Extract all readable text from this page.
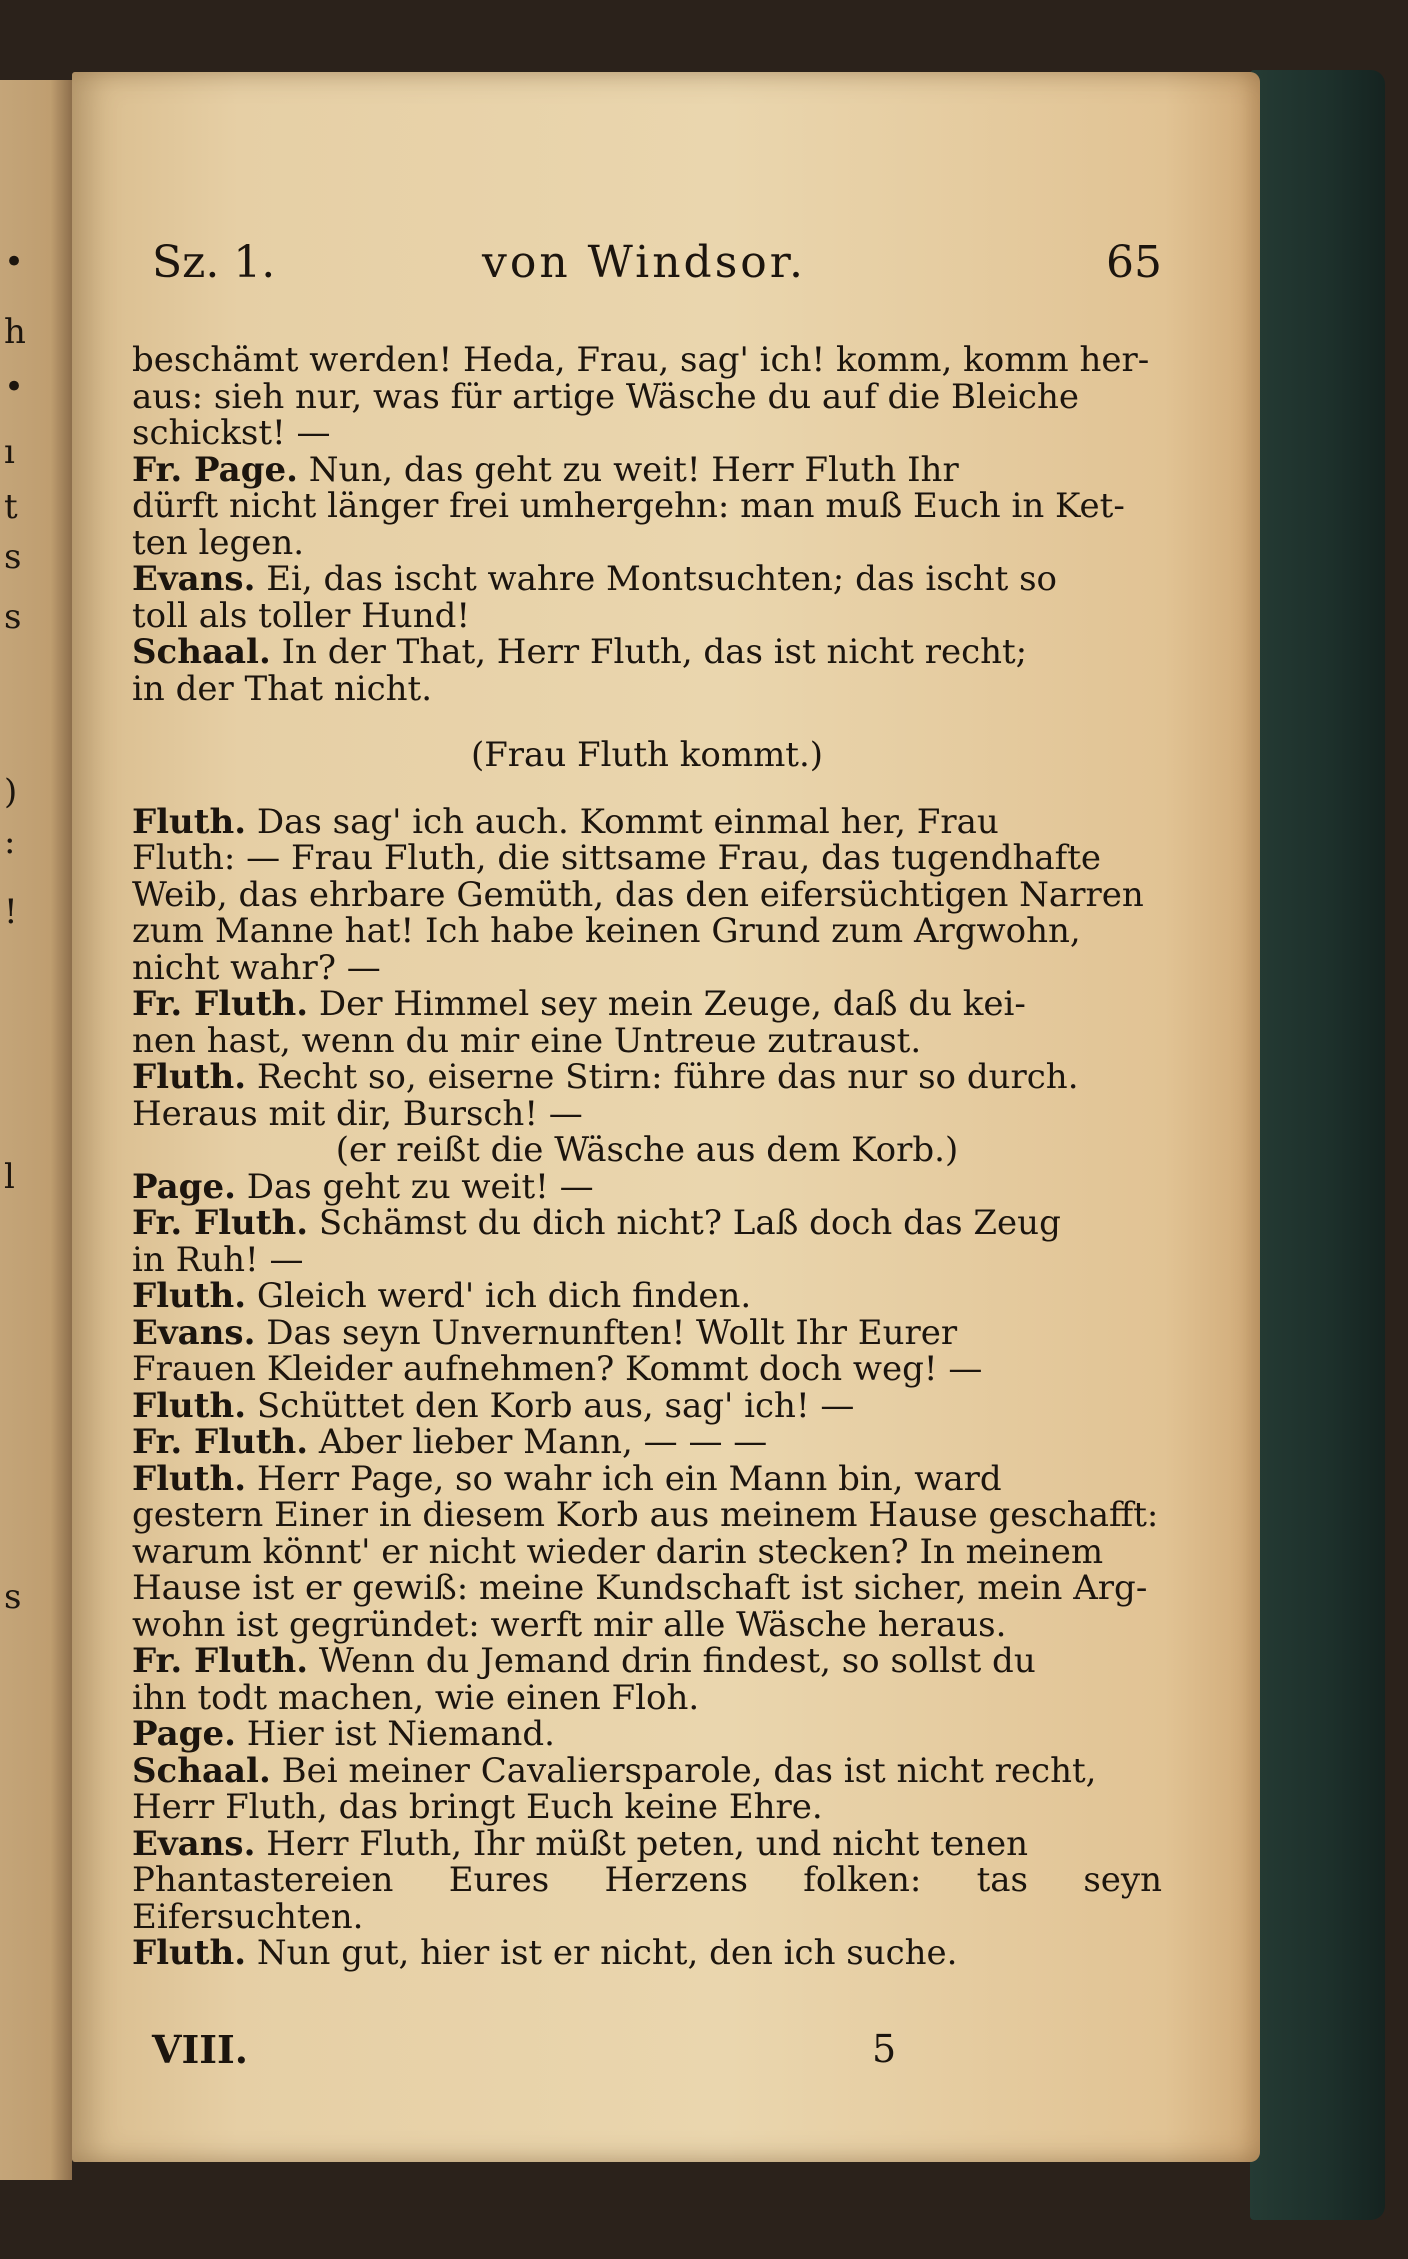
•
h
•
ı
t
s
s
)
:
!
l
s
Sz. 1.	von Windsor.	65

beschämt werden! Heda, Frau, sag' ich! komm, komm her-

aus: sieh nur, was für artige Wäsche du auf die Bleiche

schickst! —

Fr. Page. Nun, das geht zu weit! Herr Fluth Ihr

dürft nicht länger frei umhergehn: man muß Euch in Ket-

ten legen.

Evans. Ei, das ischt wahre Montsuchten; das ischt so

toll als toller Hund!

Schaal. In der That, Herr Fluth, das ist nicht recht;

in der That nicht.

(Frau Fluth kommt.)

Fluth. Das sag' ich auch. Kommt einmal her, Frau

Fluth: — Frau Fluth, die sittsame Frau, das tugendhafte

Weib, das ehrbare Gemüth, das den eifersüchtigen Narren

zum Manne hat! Ich habe keinen Grund zum Argwohn,

nicht wahr? —

Fr. Fluth. Der Himmel sey mein Zeuge, daß du kei-

nen hast, wenn du mir eine Untreue zutraust.

Fluth. Recht so, eiserne Stirn: führe das nur so durch.

Heraus mit dir, Bursch! —

(er reißt die Wäsche aus dem Korb.)

Page. Das geht zu weit! —

Fr. Fluth. Schämst du dich nicht? Laß doch das Zeug

in Ruh! —

Fluth. Gleich werd' ich dich finden.

Evans. Das seyn Unvernunften! Wollt Ihr Eurer

Frauen Kleider aufnehmen? Kommt doch weg! —

Fluth. Schüttet den Korb aus, sag' ich! —

Fr. Fluth. Aber lieber Mann, — — —

Fluth. Herr Page, so wahr ich ein Mann bin, ward

gestern Einer in diesem Korb aus meinem Hause geschafft:

warum könnt' er nicht wieder darin stecken? In meinem

Hause ist er gewiß: meine Kundschaft ist sicher, mein Arg-

wohn ist gegründet: werft mir alle Wäsche heraus.

Fr. Fluth. Wenn du Jemand drin findest, so sollst du

ihn todt machen, wie einen Floh.

Page. Hier ist Niemand.

Schaal. Bei meiner Cavaliersparole, das ist nicht recht,

Herr Fluth, das bringt Euch keine Ehre.

Evans. Herr Fluth, Ihr müßt peten, und nicht tenen

Phantastereien Eures Herzens folken: tas seyn Eifersuchten.

Fluth. Nun gut, hier ist er nicht, den ich suche.

VIII.	5
